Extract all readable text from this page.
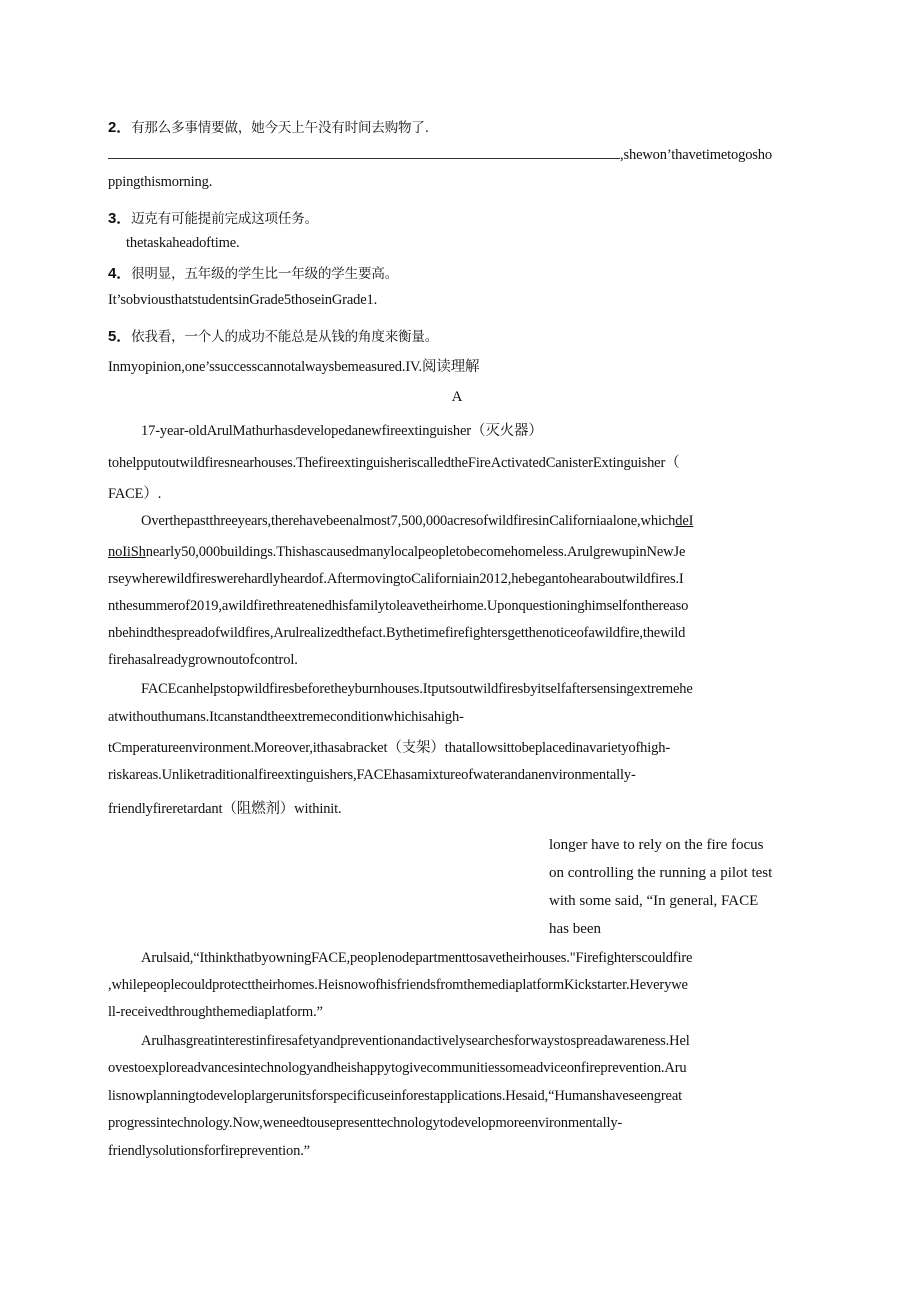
2．有那么多事情要做，她今天上午没有时间去购物了.
,shewon’thavetimetogosho
ppingthismorning.
3．迈克有可能提前完成这项任务。
thetaskaheadoftime.
4．很明显，五年级的学生比一年级的学生要高。
It’sobviousthatstudentsinGrade5thoseinGrade1.
5．依我看，一个人的成功不能总是从钱的角度来衡量。
Inmyopinion,one’ssuccesscannotalwaysbemeasured.IV.阅读理解
A
17-year-oldArulMathurhasdevelopedanewfireextinguisher（灭火器）
tohelpputoutwildfiresnearhouses.ThefireextinguisheriscalledtheFireActivatedCanisterExtinguisher（
FACE）.
Overthepastthreeyears,therehavebeenalmost7,500,000acresofwildfiresinCaliforniaalone,whichdeI
noIiShnearly50,000buildings.Thishascausedmanylocalpeopletobecomehomeless.ArulgrewupinNewJe
rseywherewildfireswerehardlyheardof.AftermovingtoCaliforniain2012,hebegantohearaboutwildfires.I
nthesummerof2019,awildfirethreatenedhisfamilytoleavetheirhome.Uponquestioninghimselfonthereaso
nbehindthespreadofwildfires,Arulrealizedthefact.Bythetimefirefightersgetthenoticeofawildfire,thewild
firehasalreadygrownoutofcontrol.
FACEcanhelpstopwildfiresbeforetheyburnhouses.Itputsoutwildfiresbyitselfaftersensingextremehe
atwithouthumans.Itcanstandtheextremeconditionwhichisahigh-
tCmperatureenvironment.Moreover,ithasabracket（支架）thatallowsittobeplacedinavarietyofhigh-
riskareas.Unliketraditionalfireextinguishers,FACEhasamixtureofwaterandanenvironmentally-
friendlyfireretardant（阻燃剂）withinit.
longer have to rely on the fire focus
on controlling the running a pilot test
with some said, “In general, FACE
has been
Arulsaid,“IthinkthatbyowningFACE,peoplenodepartmenttosavetheirhouses."Firefighterscouldfire
,whilepeoplecouldprotecttheirhomes.HeisnowofhisfriendsfromthemediaplatformKickstarter.Heverywe
ll-receivedthroughthemediaplatform.”
Arulhasgreatinterestinfiresafetyandpreventionandactivelysearchesforwaystospreadawareness.Hel
ovestoexploreadvancesintechnologyandheishappytogivecommunitiessomeadviceonfireprevention.Aru
lisnowplanningtodeveloplargerunitsforspecificuseinforestapplications.Hesaid,“Humanshaveseengreat
progressintechnology.Now,weneedtousepresenttechnologytodevelopmoreenvironmentally-
friendlysolutionsforfireprevention.”
